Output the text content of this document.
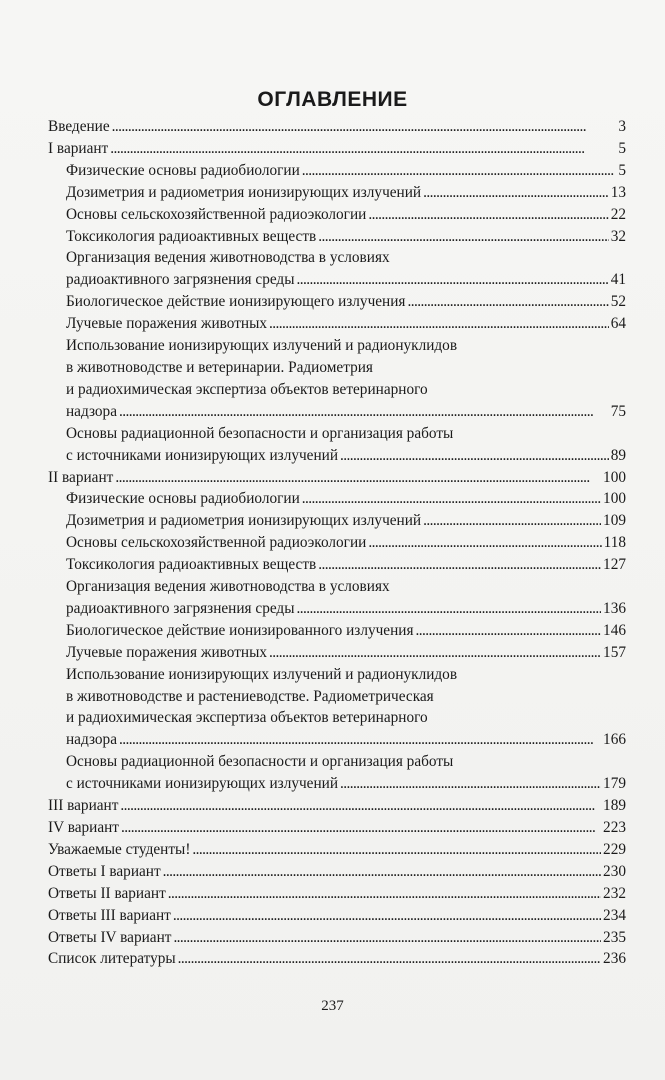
ОГЛАВЛЕНИЕ
Введение . . .	3
I вариант . . .	5
Физические основы радиобиологии . . .	5
Дозиметрия и радиометрия ионизирующих излучений . . .	13
Основы сельскохозяйственной радиоэкологии . . .	22
Токсикология радиоактивных веществ . . .	32
Организация ведения животноводства в условиях
радиоактивного загрязнения среды . . .	41
Биологическое действие ионизирующего излучения . . .	52
Лучевые поражения животных . . .	64
Использование ионизирующих излучений и радионуклидов
в животноводстве и ветеринарии. Радиометрия
и радиохимическая экспертиза объектов ветеринарного
надзора . . .	75
Основы радиационной безопасности и организация работы
с источниками ионизирующих излучений . . .	89
II вариант . . .	100
Физические основы радиобиологии . . .	100
Дозиметрия и радиометрия ионизирующих излучений . . .	109
Основы сельскохозяйственной радиоэкологии . . .	118
Токсикология радиоактивных веществ . . .	127
Организация ведения животноводства в условиях
радиоактивного загрязнения среды . . .	136
Биологическое действие ионизированного излучения . . .	146
Лучевые поражения животных . . .	157
Использование ионизирующих излучений и радионуклидов
в животноводстве и растениеводстве. Радиометрическая
и радиохимическая экспертиза объектов ветеринарного
надзора . . .	166
Основы радиационной безопасности и организация работы
с источниками ионизирующих излучений . . .	179
III вариант . . .	189
IV вариант . . .	223
Уважаемые студенты! . . .	229
Ответы I вариант . . .	230
Ответы II вариант . . .	232
Ответы III вариант . . .	234
Ответы IV вариант . . .	235
Список литературы . . .	236
237
